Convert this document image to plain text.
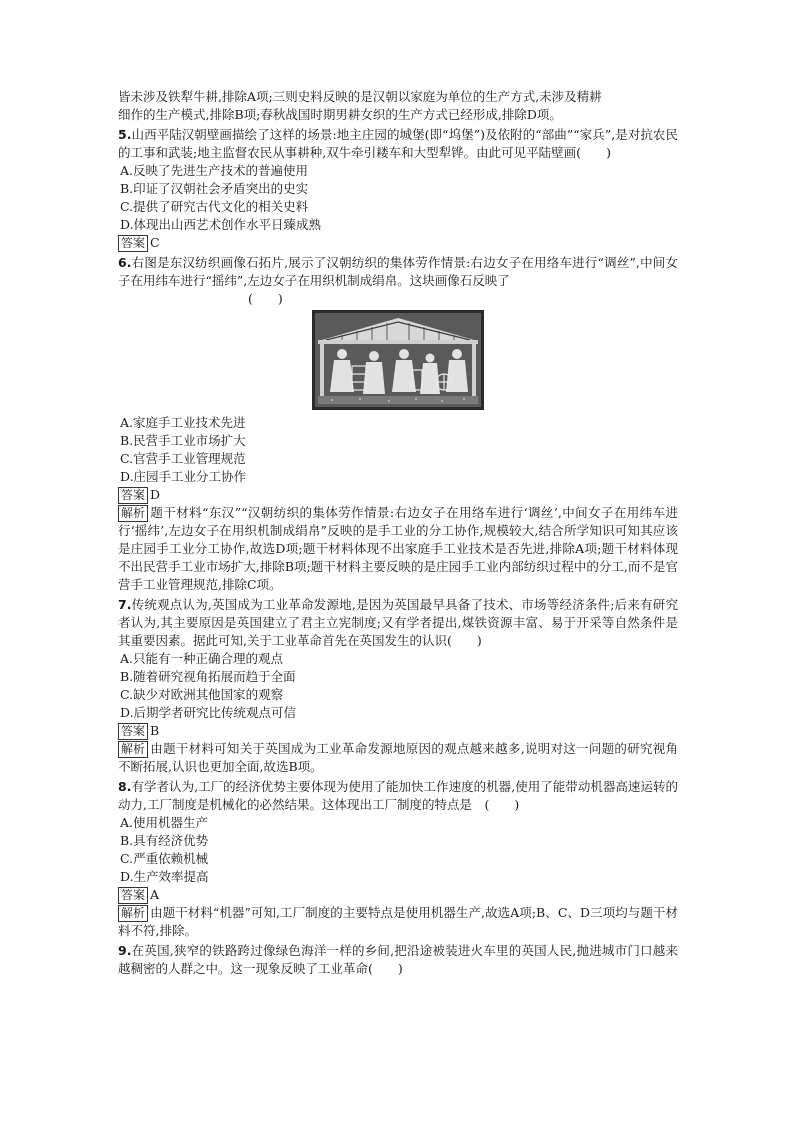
皆未涉及铁犁牛耕,排除A项;三则史料反映的是汉朝以家庭为单位的生产方式,未涉及精耕

细作的生产模式,排除B项;春秋战国时期男耕女织的生产方式已经形成,排除D项。

5.山西平陆汉朝壁画描绘了这样的场景:地主庄园的城堡(即“坞堡”)及依附的“部曲”“家兵”,是对抗农民的工事和武装;地主监督农民从事耕种,双牛牵引耧车和大型犁铧。由此可见平陆壁画(　　)

A.反映了先进生产技术的普遍使用

B.印证了汉朝社会矛盾突出的史实

C.提供了研究古代文化的相关史料

D.体现出山西艺术创作水平日臻成熟

答案 C

6.右图是东汉纺织画像石拓片,展示了汉朝纺织的集体劳作情景:右边女子在用络车进行“调丝”,中间女子在用纬车进行“摇纬”,左边女子在用织机制成绢帛。这块画像石反映了

(　　)

A.家庭手工业技术先进

B.民营手工业市场扩大

C.官营手工业管理规范

D.庄园手工业分工协作

答案 D

解析 题干材料“东汉”“汉朝纺织的集体劳作情景:右边女子在用络车进行‘调丝’,中间女子在用纬车进行‘摇纬’,左边女子在用织机制成绢帛”反映的是手工业的分工协作,规模较大,结合所学知识可知其应该是庄园手工业分工协作,故选D项;题干材料体现不出家庭手工业技术是否先进,排除A项;题干材料体现不出民营手工业市场扩大,排除B项;题干材料主要反映的是庄园手工业内部纺织过程中的分工,而不是官营手工业管理规范,排除C项。

7.传统观点认为,英国成为工业革命发源地,是因为英国最早具备了技术、市场等经济条件;后来有研究者认为,其主要原因是英国建立了君主立宪制度;又有学者提出,煤铁资源丰富、易于开采等自然条件是其重要因素。据此可知,关于工业革命首先在英国发生的认识(　　)

A.只能有一种正确合理的观点

B.随着研究视角拓展而趋于全面

C.缺少对欧洲其他国家的观察

D.后期学者研究比传统观点可信

答案 B

解析 由题干材料可知关于英国成为工业革命发源地原因的观点越来越多,说明对这一问题的研究视角不断拓展,认识也更加全面,故选B项。

8.有学者认为,工厂的经济优势主要体现为使用了能加快工作速度的机器,使用了能带动机器高速运转的动力,工厂制度是机械化的必然结果。这体现出工厂制度的特点是　(　　)

A.使用机器生产

B.具有经济优势

C.严重依赖机械

D.生产效率提高

答案 A

解析 由题干材料“机器”可知,工厂制度的主要特点是使用机器生产,故选A项;B、C、D三项均与题干材料不符,排除。

9.在英国,狭窄的铁路跨过像绿色海洋一样的乡间,把沿途被装进火车里的英国人民,抛进城市门口越来越稠密的人群之中。这一现象反映了工业革命(　　)
